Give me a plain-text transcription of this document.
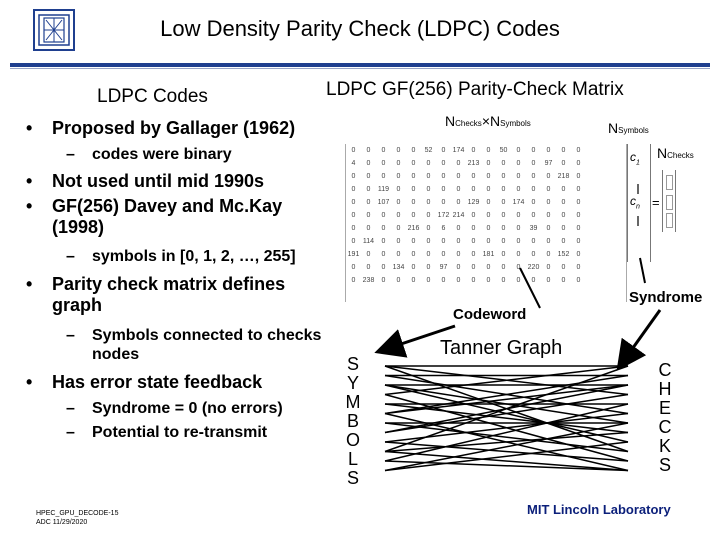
Low Density Parity Check (LDPC) Codes
LDPC Codes
• Proposed by Gallager (1962)
– codes were binary
• Not used until mid 1990s
• GF(256) Davey and Mc.Kay (1998)
– symbols in [0, 1, 2, …, 255]
• Parity check matrix defines graph
– Symbols connected to checks nodes
• Has error state feedback
– Syndrome = 0 (no errors)
– Potential to re-transmit
LDPC GF(256) Parity-Check Matrix
NChecks×NSymbols	NSymbols
NChecks
0	0	0	0	0	52	0	174	0	0	50	0	0	0	0	0
4	0	0	0	0	0	0	0	213	0	0	0	0	97	0	0
0	0	0	0	0	0	0	0	0	0	0	0	0	0	218	0
0	0	119	0	0	0	0	0	0	0	0	0	0	0	0	0
0	0	107	0	0	0	0	0	129	0	0	174	0	0	0	0
0	0	0	0	0	0	172	214	0	0	0	0	0	0	0	0
0	0	0	0	216	0	6	0	0	0	0	0	39	0	0	0
0	114	0	0	0	0	0	0	0	0	0	0	0	0	0	0
191	0	0	0	0	0	0	0	0	181	0	0	0	0	152	0
0	0	0	134	0	0	97	0	0	0	0	0	220	0	0	0
0	238	0	0	0	0	0	0	0	0	0	0	0	0	0	0
$c_1$
$c_n$ =
Syndrome
Codeword
Tanner Graph
S
Y
M
B
O
L
S
C
H
E
C
K
S
HPEC_GPU_DECODE-15
ADC 11/29/2020
MIT Lincoln Laboratory
